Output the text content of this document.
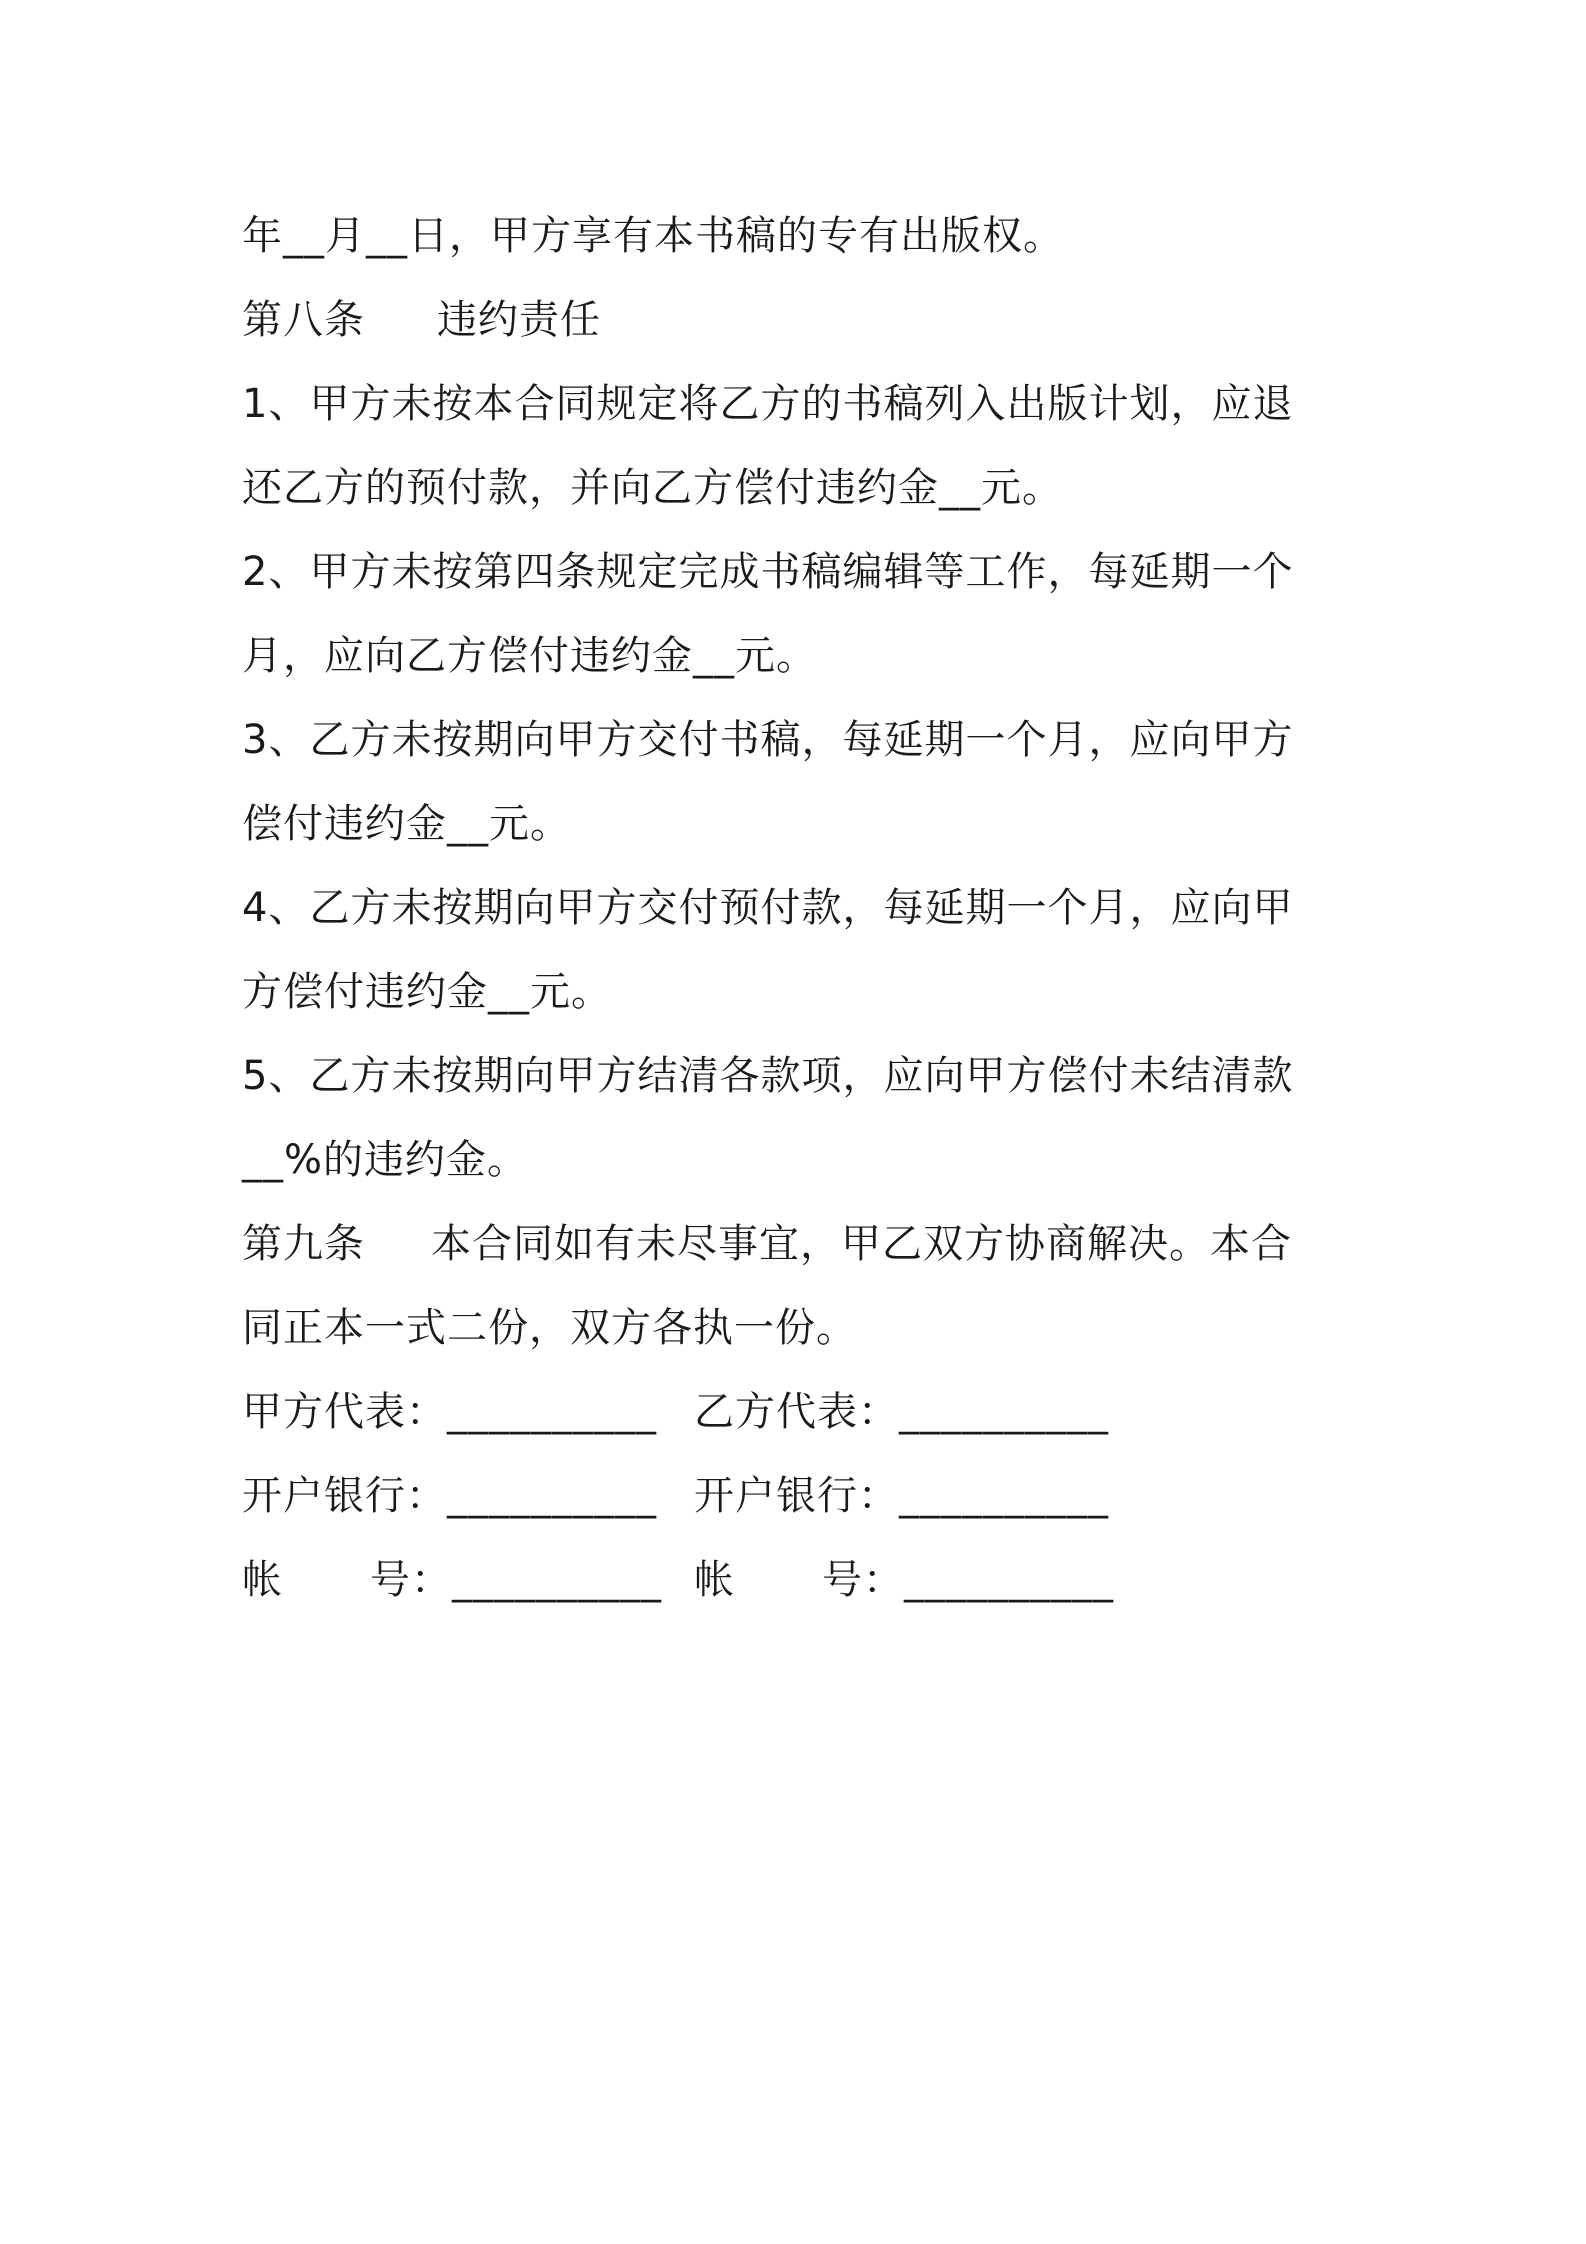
年__月__日，甲方享有本书稿的专有出版权。
第八条 违约责任
1、甲方未按本合同规定将乙方的书稿列入出版计划，应退
还乙方的预付款，并向乙方偿付违约金__元。
2、甲方未按第四条规定完成书稿编辑等工作，每延期一个
月，应向乙方偿付违约金__元。
3、乙方未按期向甲方交付书稿，每延期一个月，应向甲方
偿付违约金__元。
4、乙方未按期向甲方交付预付款，每延期一个月，应向甲
方偿付违约金__元。
5、乙方未按期向甲方结清各款项，应向甲方偿付未结清款
__%的违约金。
第九条 本合同如有未尽事宜，甲乙双方协商解决。本合
同正本一式二份，双方各执一份。
甲方代表：__________ 乙方代表：__________
开户银行：__________ 开户银行：__________
帐 号：__________ 帐 号：__________
